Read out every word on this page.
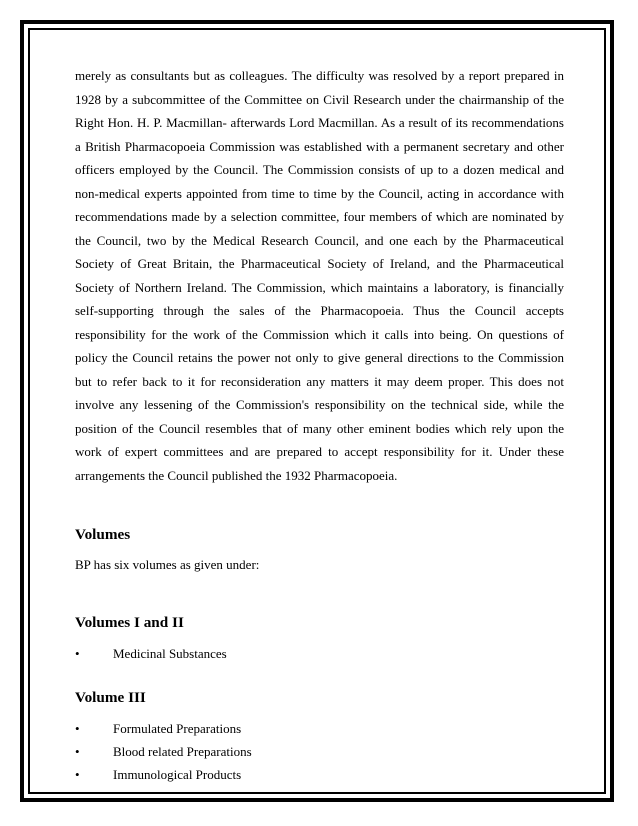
merely as consultants but as colleagues. The difficulty was resolved by a report prepared in 1928 by a subcommittee of the Committee on Civil Research under the chairmanship of the Right Hon. H. P. Macmillan- afterwards Lord Macmillan. As a result of its recommendations a British Pharmacopoeia Commission was established with a permanent secretary and other officers employed by the Council. The Commission consists of up to a dozen medical and non-medical experts appointed from time to time by the Council, acting in accordance with recommendations made by a selection committee, four members of which are nominated by the Council, two by the Medical Research Council, and one each by the Pharmaceutical Society of Great Britain, the Pharmaceutical Society of Ireland, and the Pharmaceutical Society of Northern Ireland. The Commission, which maintains a laboratory, is financially self-supporting through the sales of the Pharmacopoeia. Thus the Council accepts responsibility for the work of the Commission which it calls into being. On questions of policy the Council retains the power not only to give general directions to the Commission but to refer back to it for reconsideration any matters it may deem proper. This does not involve any lessening of the Commission's responsibility on the technical side, while the position of the Council resembles that of many other eminent bodies which rely upon the work of expert committees and are prepared to accept responsibility for it. Under these arrangements the Council published the 1932 Pharmacopoeia.

Volumes

BP has six volumes as given under:

Volumes I and II
•	Medicinal Substances
Volume III
•	Formulated Preparations
•	Blood related Preparations
•	Immunological Products
